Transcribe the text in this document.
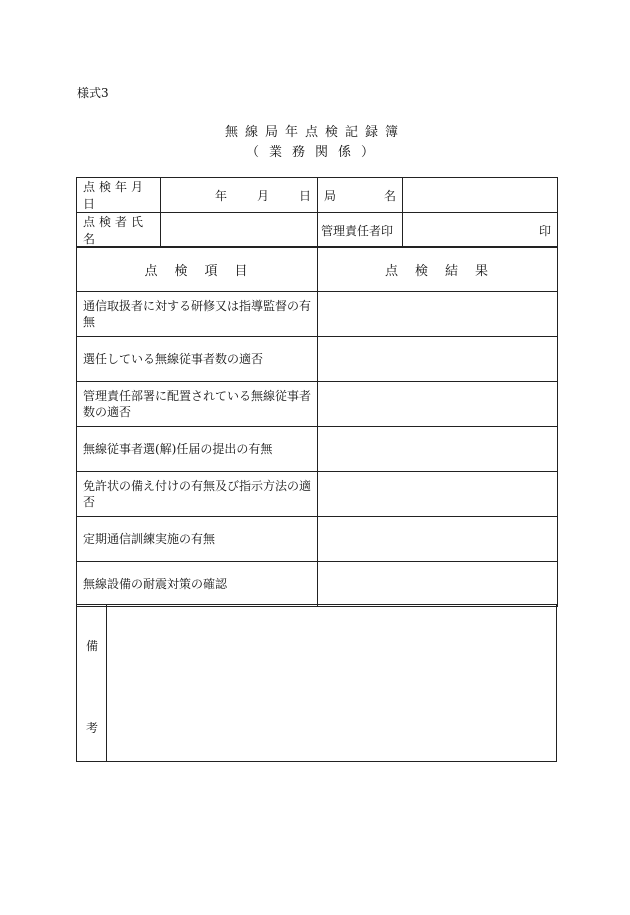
様式3
無線局年点検記録簿
（業務関係）
点検年月日	年 月 日	局 名	

点検者氏名		管理責任者印	印
点　検　項　目	点　検　結　果
通信取扱者に対する研修又は指導監督の有無	
選任している無線従事者数の適否	
管理責任部署に配置されている無線従事者数の適否	
無線従事者選(解)任届の提出の有無	
免許状の備え付けの有無及び指示方法の適否	
定期通信訓練実施の有無	
無線設備の耐震対策の確認	
備
考
